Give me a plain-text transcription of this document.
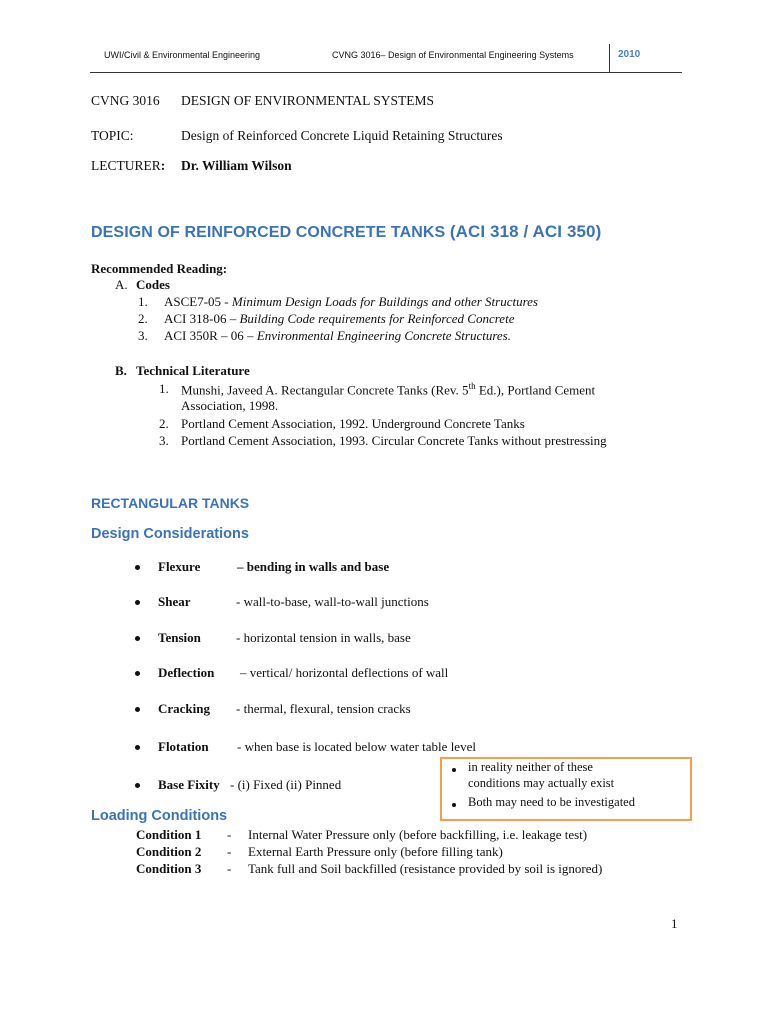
UWI/Civil & Environmental Engineering	CVNG 3016– Design of Environmental Engineering Systems	2010
CVNG 3016 DESIGN OF ENVIRONMENTAL SYSTEMS
TOPIC:	Design of Reinforced Concrete Liquid Retaining Structures
LECTURER: Dr. William Wilson
DESIGN OF REINFORCED CONCRETE TANKS (ACI 318 / ACI 350)
Recommended Reading:
A. Codes
1. ASCE7-05 - Minimum Design Loads for Buildings and other Structures
2. ACI 318-06 – Building Code requirements for Reinforced Concrete
3. ACI 350R – 06 – Environmental Engineering Concrete Structures.
B. Technical Literature
1. Munshi, Javeed A. Rectangular Concrete Tanks (Rev. 5th Ed.), Portland Cement
Association, 1998.
2. Portland Cement Association, 1992. Underground Concrete Tanks
3. Portland Cement Association, 1993. Circular Concrete Tanks without prestressing
RECTANGULAR TANKS
Design Considerations
Flexure	– bending in walls and base
Shear	- wall-to-base, wall-to-wall junctions
Tension	- horizontal tension in walls, base
Deflection – vertical/ horizontal deflections of wall
Cracking - thermal, flexural, tension cracks
Flotation - when base is located below water table level
Base Fixity - (i) Fixed (ii) Pinned
in reality neither of these
conditions may actually exist
Both may need to be investigated
Loading Conditions
Condition 1 - Internal Water Pressure only (before backfilling, i.e. leakage test)
Condition 2 - External Earth Pressure only (before filling tank)
Condition 3 - Tank full and Soil backfilled (resistance provided by soil is ignored)
1
